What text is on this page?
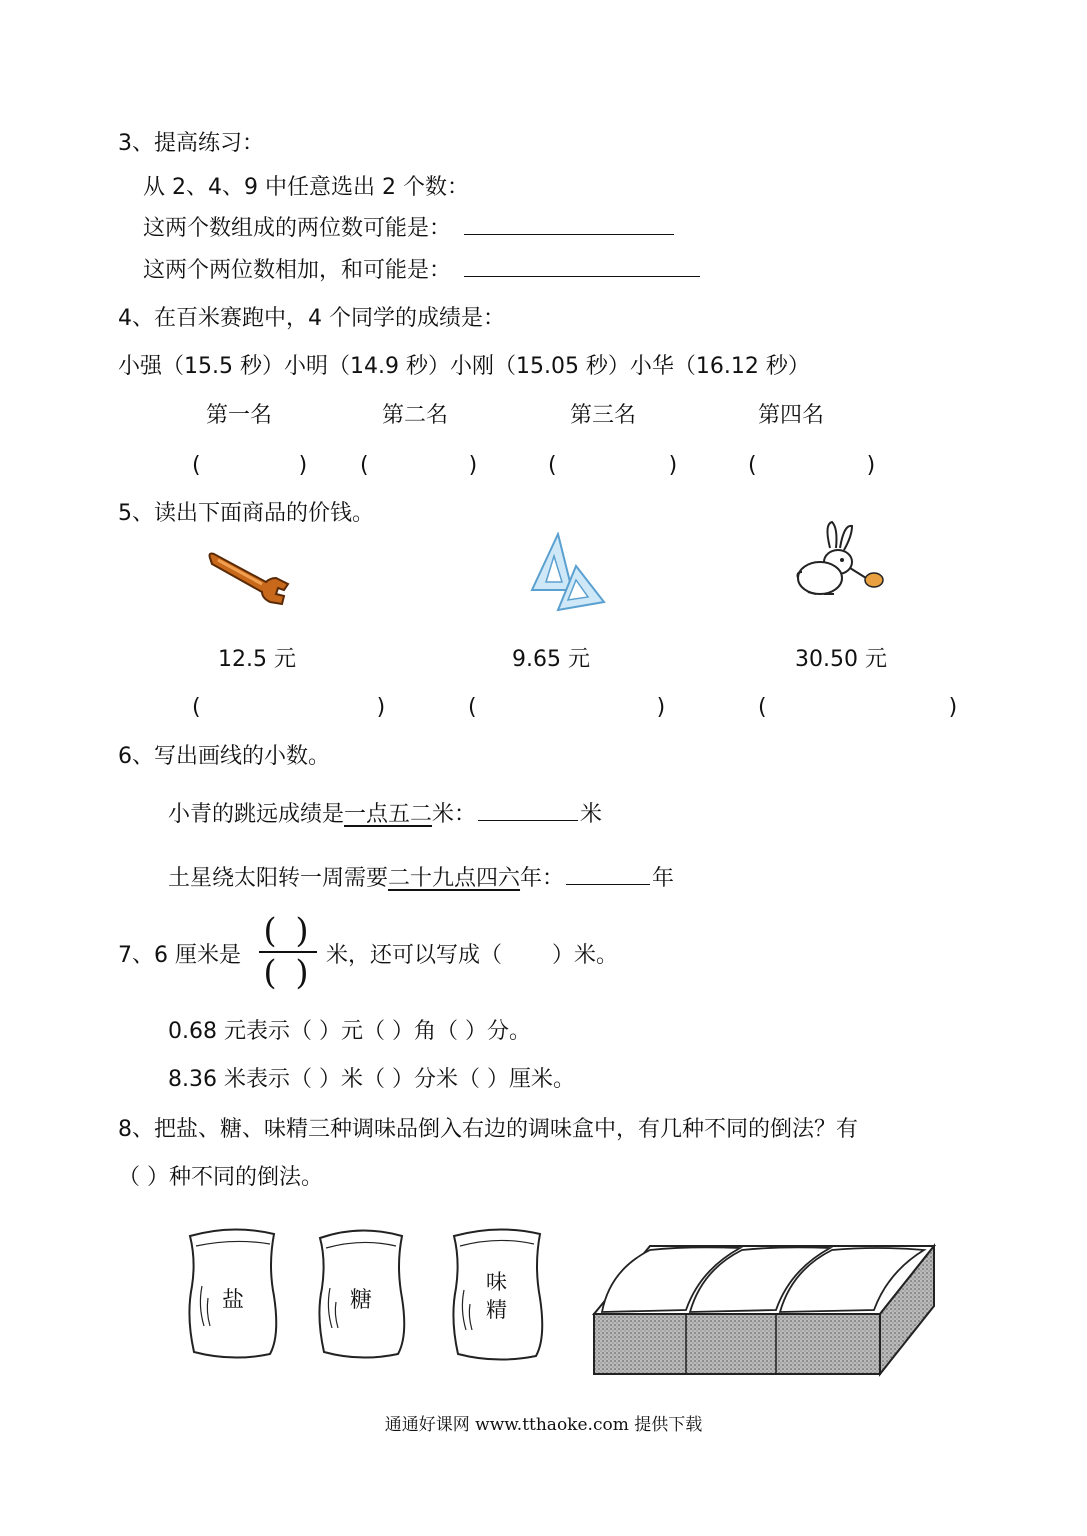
3、提高练习：
从 2、4、9 中任意选出 2 个数：
这两个数组成的两位数可能是：
这两个两位数相加，和可能是：
4、在百米赛跑中，4 个同学的成绩是：
小强（15.5 秒）小明（14.9 秒）小刚（15.05 秒）小华（16.12 秒）
第一名	第二名	第三名	第四名
(	) (	)	(	)	(	)
5、读出下面商品的价钱。
12.5 元	9.65 元	30.50 元
(	)	(	)	(	)
6、写出画线的小数。
小青的跳远成绩是一点五二米：	米
土星绕太阳转一周需要二十九点四六年：	年
7、6 厘米是
( )
( ) 米，还可以写成（ ）米。
0.68 元表示（ ）元（ ）角（ ）分。
8.36 米表示（ ）米（ ）分米（ ）厘米。
8、把盐、糖、味精三种调味品倒入右边的调味盒中，有几种不同的倒法？有
（ ）种不同的倒法。
盐	糖
味
精
通通好课网 www.tthaoke.com 提供下载
